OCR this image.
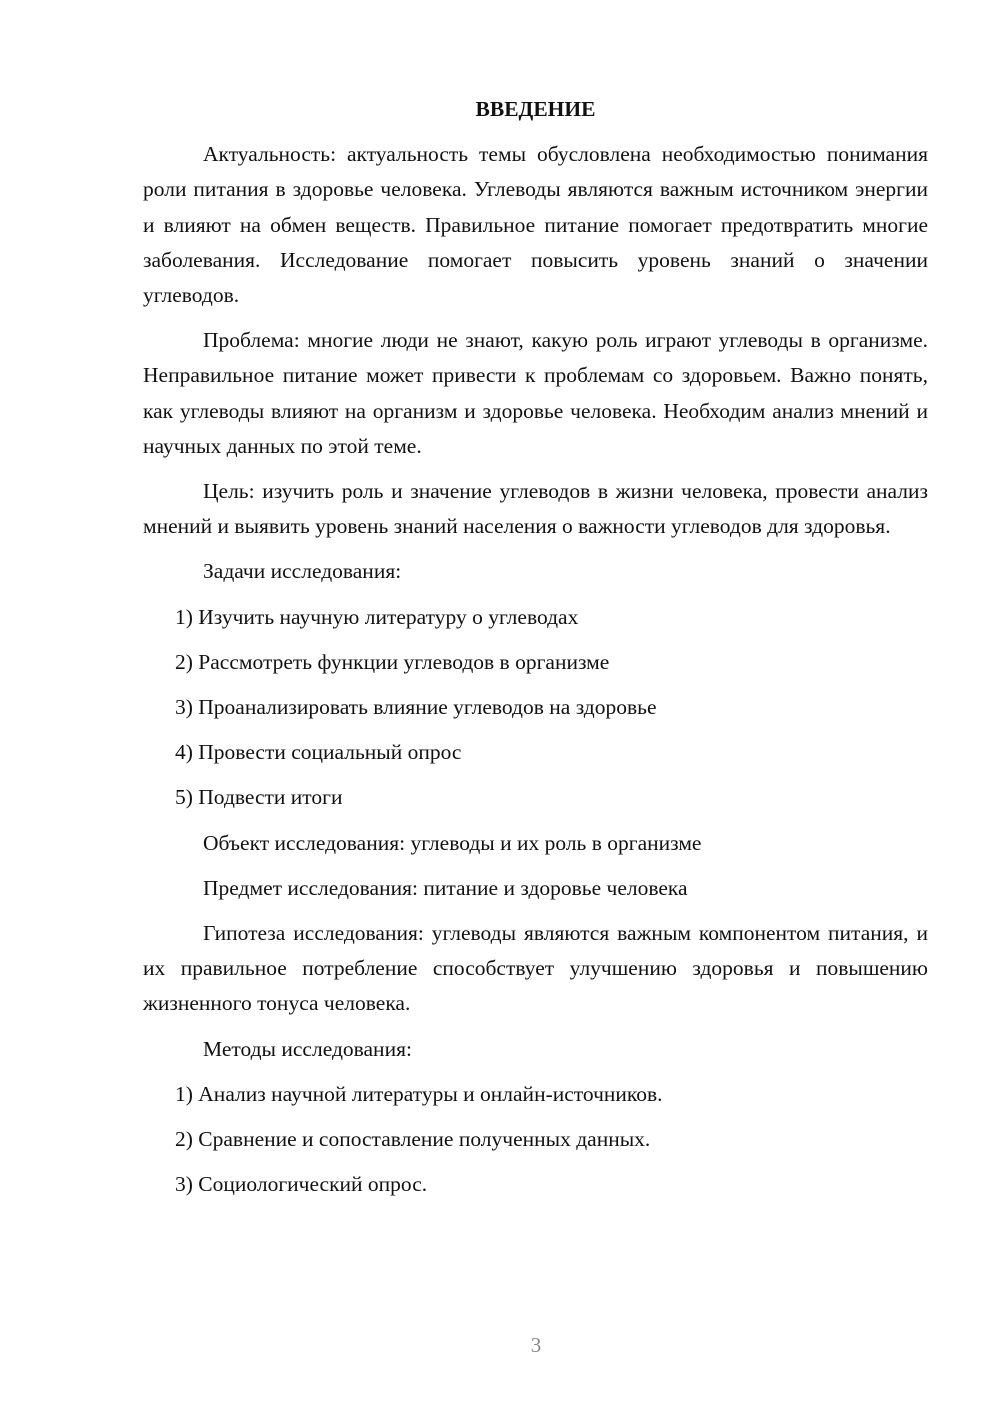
ВВЕДЕНИЕ

Актуальность: актуальность темы обусловлена необходимостью понимания роли питания в здоровье человека. Углеводы являются важным источником энергии и влияют на обмен веществ. Правильное питание помогает предотвратить многие заболевания. Исследование помогает повысить уровень знаний о значении углеводов.

Проблема: многие люди не знают, какую роль играют углеводы в организме. Неправильное питание может привести к проблемам со здоровьем. Важно понять, как углеводы влияют на организм и здоровье человека. Необходим анализ мнений и научных данных по этой теме.

Цель: изучить роль и значение углеводов в жизни человека, провести анализ мнений и выявить уровень знаний населения о важности углеводов для здоровья.

Задачи исследования:

1) Изучить научную литературу о углеводах
2) Рассмотреть функции углеводов в организме
3) Проанализировать влияние углеводов на здоровье
4) Провести социальный опрос
5) Подвести итоги

Объект исследования: углеводы и их роль в организме

Предмет исследования: питание и здоровье человека

Гипотеза исследования: углеводы являются важным компонентом питания, и их правильное потребление способствует улучшению здоровья и повышению жизненного тонуса человека.

Методы исследования:

1) Анализ научной литературы и онлайн-источников.
2) Сравнение и сопоставление полученных данных.
3) Социологический опрос.
3
